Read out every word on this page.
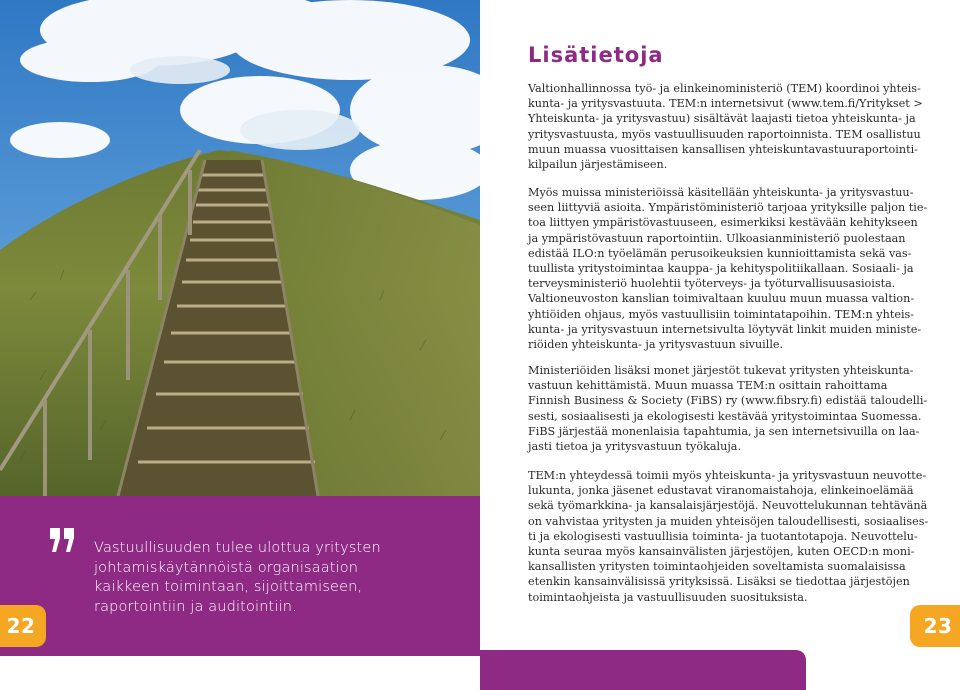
Vastuullisuuden tulee ulottua yritysten
johtamiskäytännöistä organisaation
kaikkeen toimintaan, sijoittamiseen,
raportointiin ja auditointiin.
22
Lisätietoja
Valtionhallinnossa työ- ja elinkeinoministeriö (TEM) koordinoi yhteis-
kunta- ja yritysvastuuta. TEM:n internetsivut (www.tem.fi/Yritykset >
Yhteiskunta- ja yritysvastuu) sisältävät laajasti tietoa yhteiskunta- ja
yritysvastuusta, myös vastuullisuuden raportoinnista. TEM osallistuu
muun muassa vuosittaisen kansallisen yhteiskuntavastuuraportointi-
kilpailun järjestämiseen.
Myös muissa ministeriöissä käsitellään yhteiskunta- ja yritysvastuu-
seen liittyviä asioita. Ympäristöministeriö tarjoaa yrityksille paljon tie-
toa liittyen ympäristövastuuseen, esimerkiksi kestävään kehitykseen
ja ympäristövastuun raportointiin. Ulkoasianministeriö puolestaan
edistää ILO:n työelämän perusoikeuksien kunnioittamista sekä vas-
tuullista yritystoimintaa kauppa- ja kehityspolitiikallaan. Sosiaali- ja
terveysministeriö huolehtii työterveys- ja työturvallisuusasioista.
Valtioneuvoston kanslian toimivaltaan kuuluu muun muassa valtion-
yhtiöiden ohjaus, myös vastuullisiin toimintatapoihin. TEM:n yhteis-
kunta- ja yritysvastuun internetsivulta löytyvät linkit muiden ministe-
riöiden yhteiskunta- ja yritysvastuun sivuille.
Ministeriöiden lisäksi monet järjestöt tukevat yritysten yhteiskunta-
vastuun kehittämistä. Muun muassa TEM:n osittain rahoittama
Finnish Business & Society (FiBS) ry (www.fibsry.fi) edistää taloudelli-
sesti, sosiaalisesti ja ekologisesti kestävää yritystoimintaa Suomessa.
FiBS järjestää monenlaisia tapahtumia, ja sen internetsivuilla on laa-
jasti tietoa ja yritysvastuun työkaluja.
TEM:n yhteydessä toimii myös yhteiskunta- ja yritysvastuun neuvotte-
lukunta, jonka jäsenet edustavat viranomaistahoja, elinkeinoelämää
sekä työmarkkina- ja kansalaisjärjestöjä. Neuvottelukunnan tehtävänä
on vahvistaa yritysten ja muiden yhteisöjen taloudellisesti, sosiaalises-
ti ja ekologisesti vastuullisia toiminta- ja tuotantotapoja. Neuvottelu-
kunta seuraa myös kansainvälisten järjestöjen, kuten OECD:n moni-
kansallisten yritysten toimintaohjeiden soveltamista suomalaisissa
etenkin kansainvälisissä yrityksissä. Lisäksi se tiedottaa järjestöjen
toimintaohjeista ja vastuullisuuden suosituksista.
23
